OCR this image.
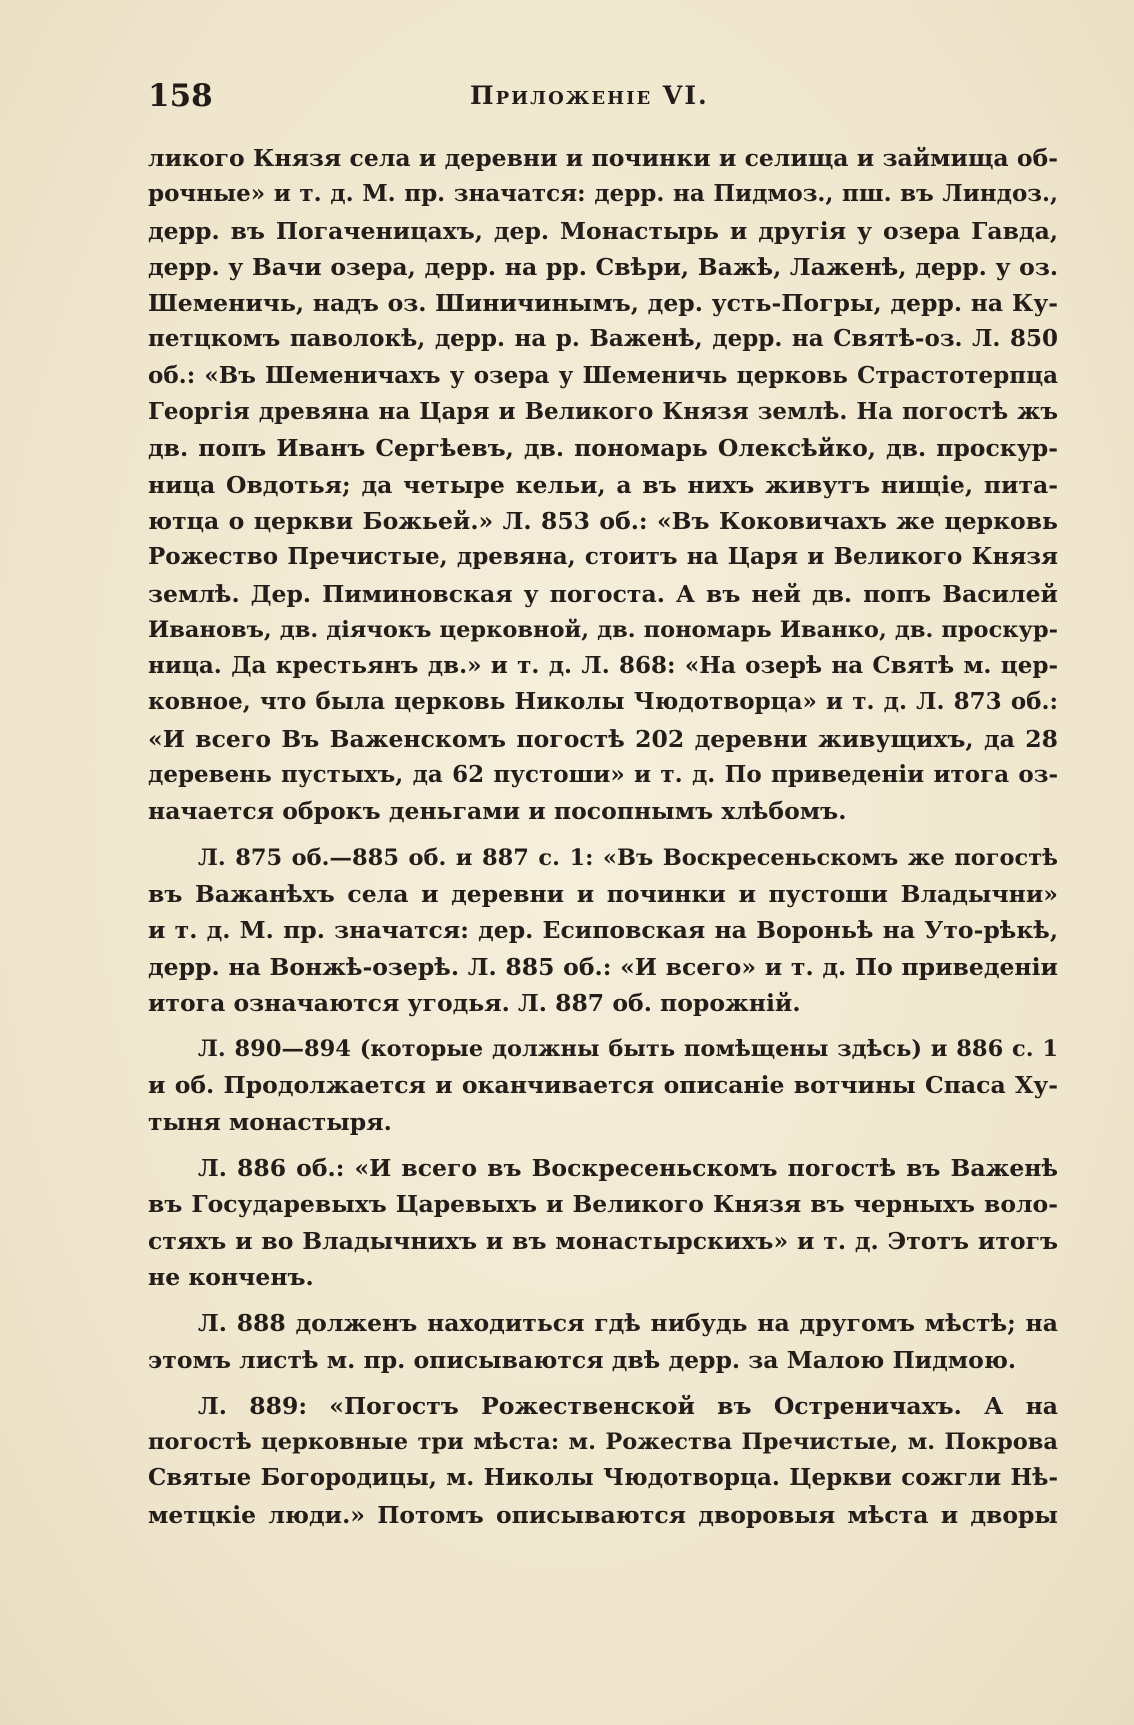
158	Приложеніе VI.
ликого Князя села и деревни и починки и селища и займища об-
рочные» и т. д. М. пр. значатся: дерр. на Пидмоз., пш. въ Линдоз.,
дерр. въ Погаченицахъ, дер. Монастырь и другія у озера Гавда,
дерр. у Вачи озера, дерр. на рр. Свѣри, Важѣ, Лаженѣ, дерр. у оз.
Шеменичь, надъ оз. Шиничинымъ, дер. усть-Погры, дерр. на Ку-
петцкомъ паволокѣ, дерр. на р. Важенѣ, дерр. на Святѣ-оз. Л. 850
об.: «Въ Шеменичахъ у озера у Шеменичь церковь Страстотерпца
Георгія древяна на Царя и Великого Князя землѣ. На погостѣ жъ
дв. попъ Иванъ Сергѣевъ, дв. пономарь Олексѣйко, дв. проскур-
ница Овдотья; да четыре кельи, а въ нихъ живутъ нищіе, пита-
ютца о церкви Божьей.» Л. 853 об.: «Въ Коковичахъ же церковь
Рожество Пречистые, древяна, стоитъ на Царя и Великого Князя
землѣ. Дер. Пиминовская у погоста. А въ ней дв. попъ Василей
Ивановъ, дв. діячокъ церковной, дв. пономарь Иванко, дв. проскур-
ница. Да крестьянъ дв.» и т. д. Л. 868: «На озерѣ на Святѣ м. цер-
ковное, что была церковь Николы Чюдотворца» и т. д. Л. 873 об.:
«И всего Въ Важенскомъ погостѣ 202 деревни живущихъ, да 28
деревень пустыхъ, да 62 пустоши» и т. д. По приведеніи итога оз-
начается оброкъ деньгами и посопнымъ хлѣбомъ.
Л. 875 об.—885 об. и 887 с. 1: «Въ Воскресеньскомъ же погостѣ
въ Важанѣхъ села и деревни и починки и пустоши Владычни»
и т. д. М. пр. значатся: дер. Есиповская на Вороньѣ на Уто-рѣкѣ,
дерр. на Вонжѣ-озерѣ. Л. 885 об.: «И всего» и т. д. По приведеніи
итога означаются угодья. Л. 887 об. порожній.
Л. 890—894 (которые должны быть помѣщены здѣсь) и 886 с. 1
и об. Продолжается и оканчивается описаніе вотчины Спаса Ху-
тыня монастыря.
Л. 886 об.: «И всего въ Воскресеньскомъ погостѣ въ Важенѣ
въ Государевыхъ Царевыхъ и Великого Князя въ черныхъ воло-
стяхъ и во Владычнихъ и въ монастырскихъ» и т. д. Этотъ итогъ
не конченъ.
Л. 888 долженъ находиться гдѣ нибудь на другомъ мѣстѣ; на
этомъ листѣ м. пр. описываются двѣ дерр. за Малою Пидмою.
Л. 889: «Погостъ Рожественской въ Остреничахъ. А на
погостѣ церковные три мѣста: м. Рожества Пречистые, м. Покрова
Святые Богородицы, м. Николы Чюдотворца. Церкви сожгли Нѣ-
метцкіе люди.» Потомъ описываются дворовыя мѣста и дворы
